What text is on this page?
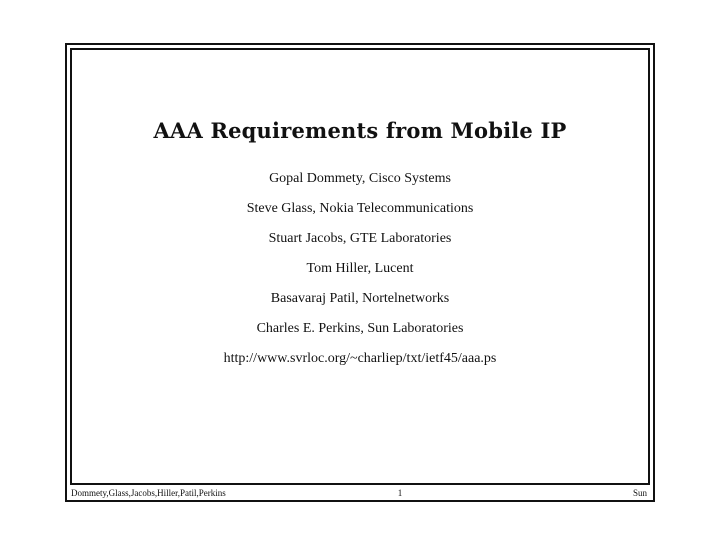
AAA Requirements from Mobile IP
Gopal Dommety, Cisco Systems
Steve Glass, Nokia Telecommunications
Stuart Jacobs, GTE Laboratories
Tom Hiller, Lucent
Basavaraj Patil, Nortelnetworks
Charles E. Perkins, Sun Laboratories
http://www.svrloc.org/~charliep/txt/ietf45/aaa.ps
Dommety,Glass,Jacobs,Hiller,Patil,Perkins	1	Sun
